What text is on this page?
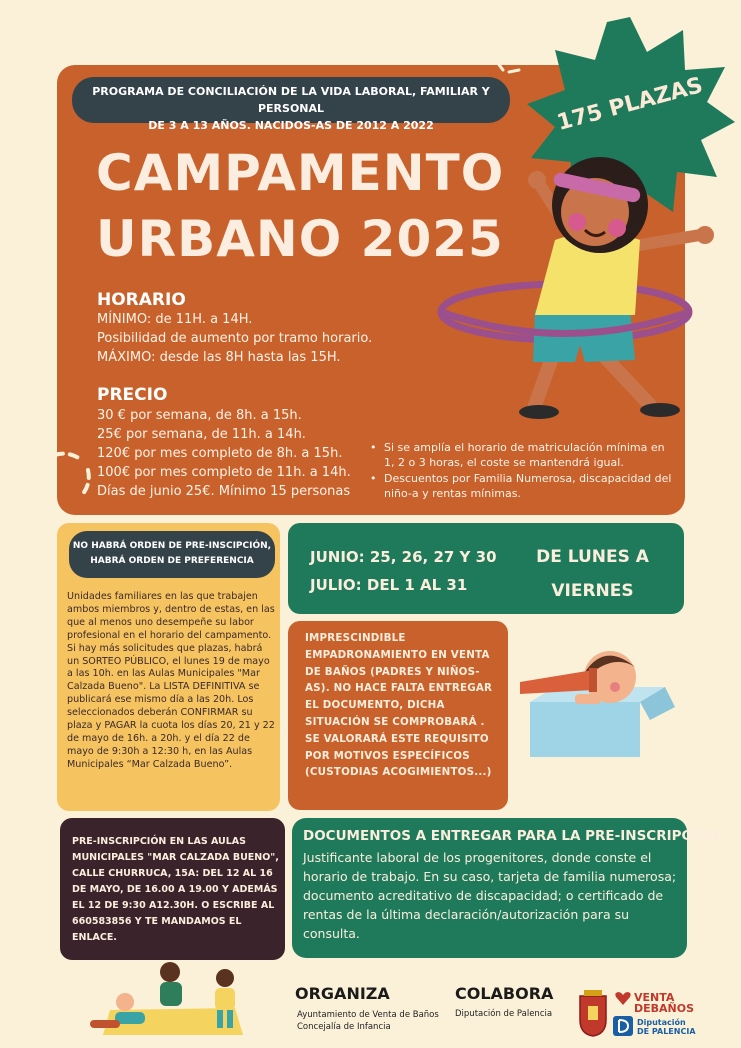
PROGRAMA DE CONCILIACIÓN DE LA VIDA LABORAL, FAMILIAR Y PERSONAL
DE 3 A 13 AÑOS. NACIDOS-AS DE 2012 A 2022	175 PLAZAS
CAMPAMENTO
URBANO 2025
HORARIO
MÍNIMO: de 11H. a 14H.
Posibilidad de aumento por tramo horario.
MÁXIMO: desde las 8H hasta las 15H.
PRECIO
30 € por semana, de 8h. a 15h.
25€ por semana, de 11h. a 14h.
120€ por mes completo de 8h. a 15h.
100€ por mes completo de 11h. a 14h.
Días de junio 25€. Mínimo 15 personas
• Si se amplía el horario de matriculación mínima en 1, 2 o 3 horas, el coste se mantendrá igual.
• Descuentos por Familia Numerosa, discapacidad del niño-a y rentas mínimas.
NO HABRÁ ORDEN DE PRE-INSCIPCIÓN,
HABRÁ ORDEN DE PREFERENCIA
Unidades familiares en las que trabajen ambos miembros y, dentro de estas, en las que al menos uno desempeñe su labor profesional en el horario del campamento. Si hay más solicitudes que plazas, habrá un SORTEO PÚBLICO, el lunes 19 de mayo a las 10h. en las Aulas Municipales "Mar Calzada Bueno". La LISTA DEFINITIVA se publicará ese mismo día a las 20h. Los seleccionados deberán CONFIRMAR su plaza y PAGAR la cuota los días 20, 21 y 22 de mayo de 16h. a 20h. y el día 22 de mayo de 9:30h a 12:30 h, en las Aulas Municipales “Mar Calzada Bueno”.
JUNIO: 25, 26, 27 Y 30
JULIO: DEL 1 AL 31
DE LUNES A
VIERNES
IMPRESCINDIBLE EMPADRONAMIENTO EN VENTA DE BAÑOS (PADRES Y NIÑOS-AS). NO HACE FALTA ENTREGAR EL DOCUMENTO, DICHA SITUACIÓN SE COMPROBARÁ . SE VALORARÁ ESTE REQUISITO POR MOTIVOS ESPECÍFICOS (CUSTODIAS ACOGIMIENTOS...)
PRE-INSCRIPCIÓN EN LAS AULAS MUNICIPALES "MAR CALZADA BUENO", CALLE CHURRUCA, 15A: DEL 12 AL 16 DE MAYO, DE 16.00 A 19.00 Y ADEMÁS EL 12 DE 9:30 A12.30H. O ESCRIBE AL 660583856 Y TE MANDAMOS EL ENLACE.
DOCUMENTOS A ENTREGAR PARA LA PRE-INSCRIPCIÓN
Justificante laboral de los progenitores, donde conste el horario de trabajo. En su caso, tarjeta de familia numerosa; documento acreditativo de discapacidad; o certificado de rentas de la última declaración/autorización para su consulta.
ORGANIZA
Ayuntamiento de Venta de Baños
Concejalía de Infancia
COLABORA
Diputación de Palencia
VENTA DEBAÑOS
Diputación
DE PALENCIA
